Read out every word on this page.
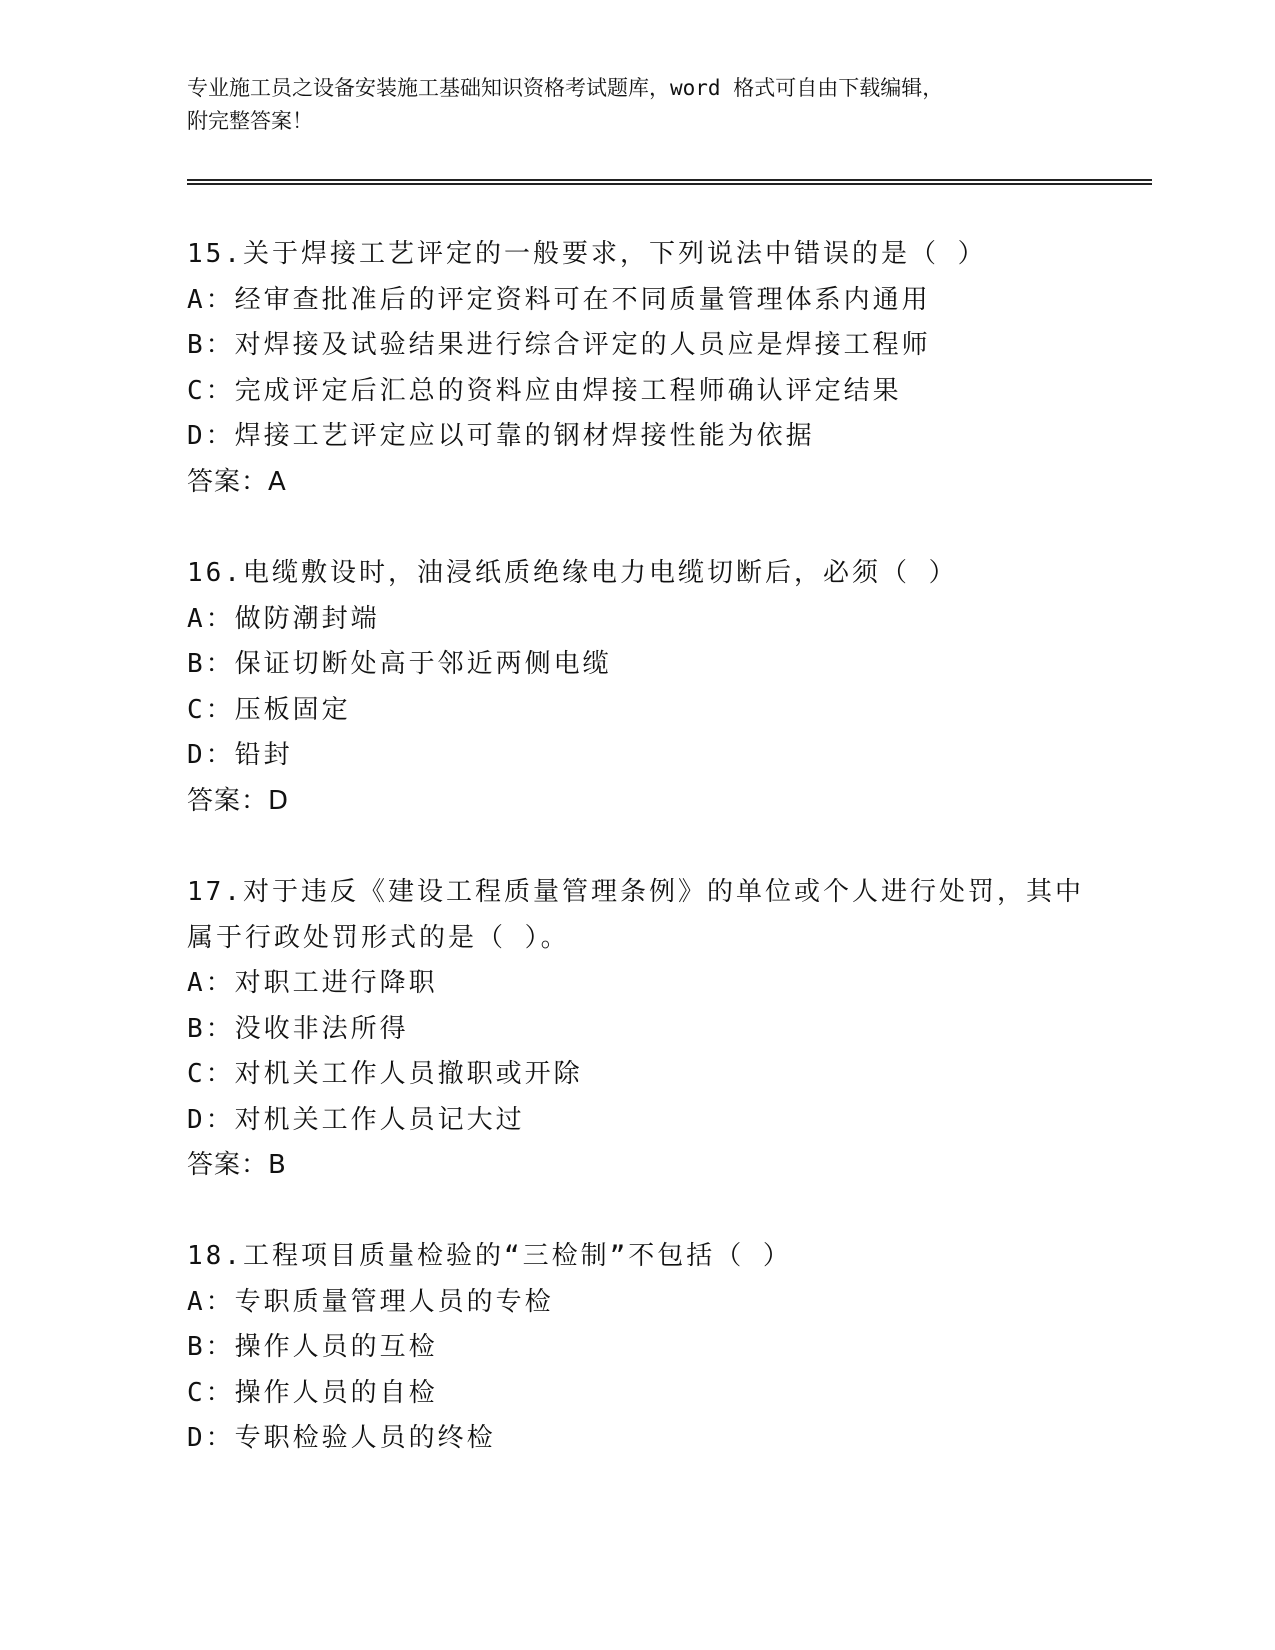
专业施工员之设备安装施工基础知识资格考试题库，word 格式可自由下载编辑，
附完整答案！
15.关于焊接工艺评定的一般要求，下列说法中错误的是（ ）
A：经审查批准后的评定资料可在不同质量管理体系内通用
B：对焊接及试验结果进行综合评定的人员应是焊接工程师
C：完成评定后汇总的资料应由焊接工程师确认评定结果
D：焊接工艺评定应以可靠的钢材焊接性能为依据
答案：A
16.电缆敷设时，油浸纸质绝缘电力电缆切断后，必须（ ）
A：做防潮封端
B：保证切断处高于邻近两侧电缆
C：压板固定
D：铅封
答案：D
17.对于违反《建设工程质量管理条例》的单位或个人进行处罚，其中
属于行政处罚形式的是（ ）。
A：对职工进行降职
B：没收非法所得
C：对机关工作人员撤职或开除
D：对机关工作人员记大过
答案：B
18.工程项目质量检验的“三检制”不包括（ ）
A：专职质量管理人员的专检
B：操作人员的互检
C：操作人员的自检
D：专职检验人员的终检
